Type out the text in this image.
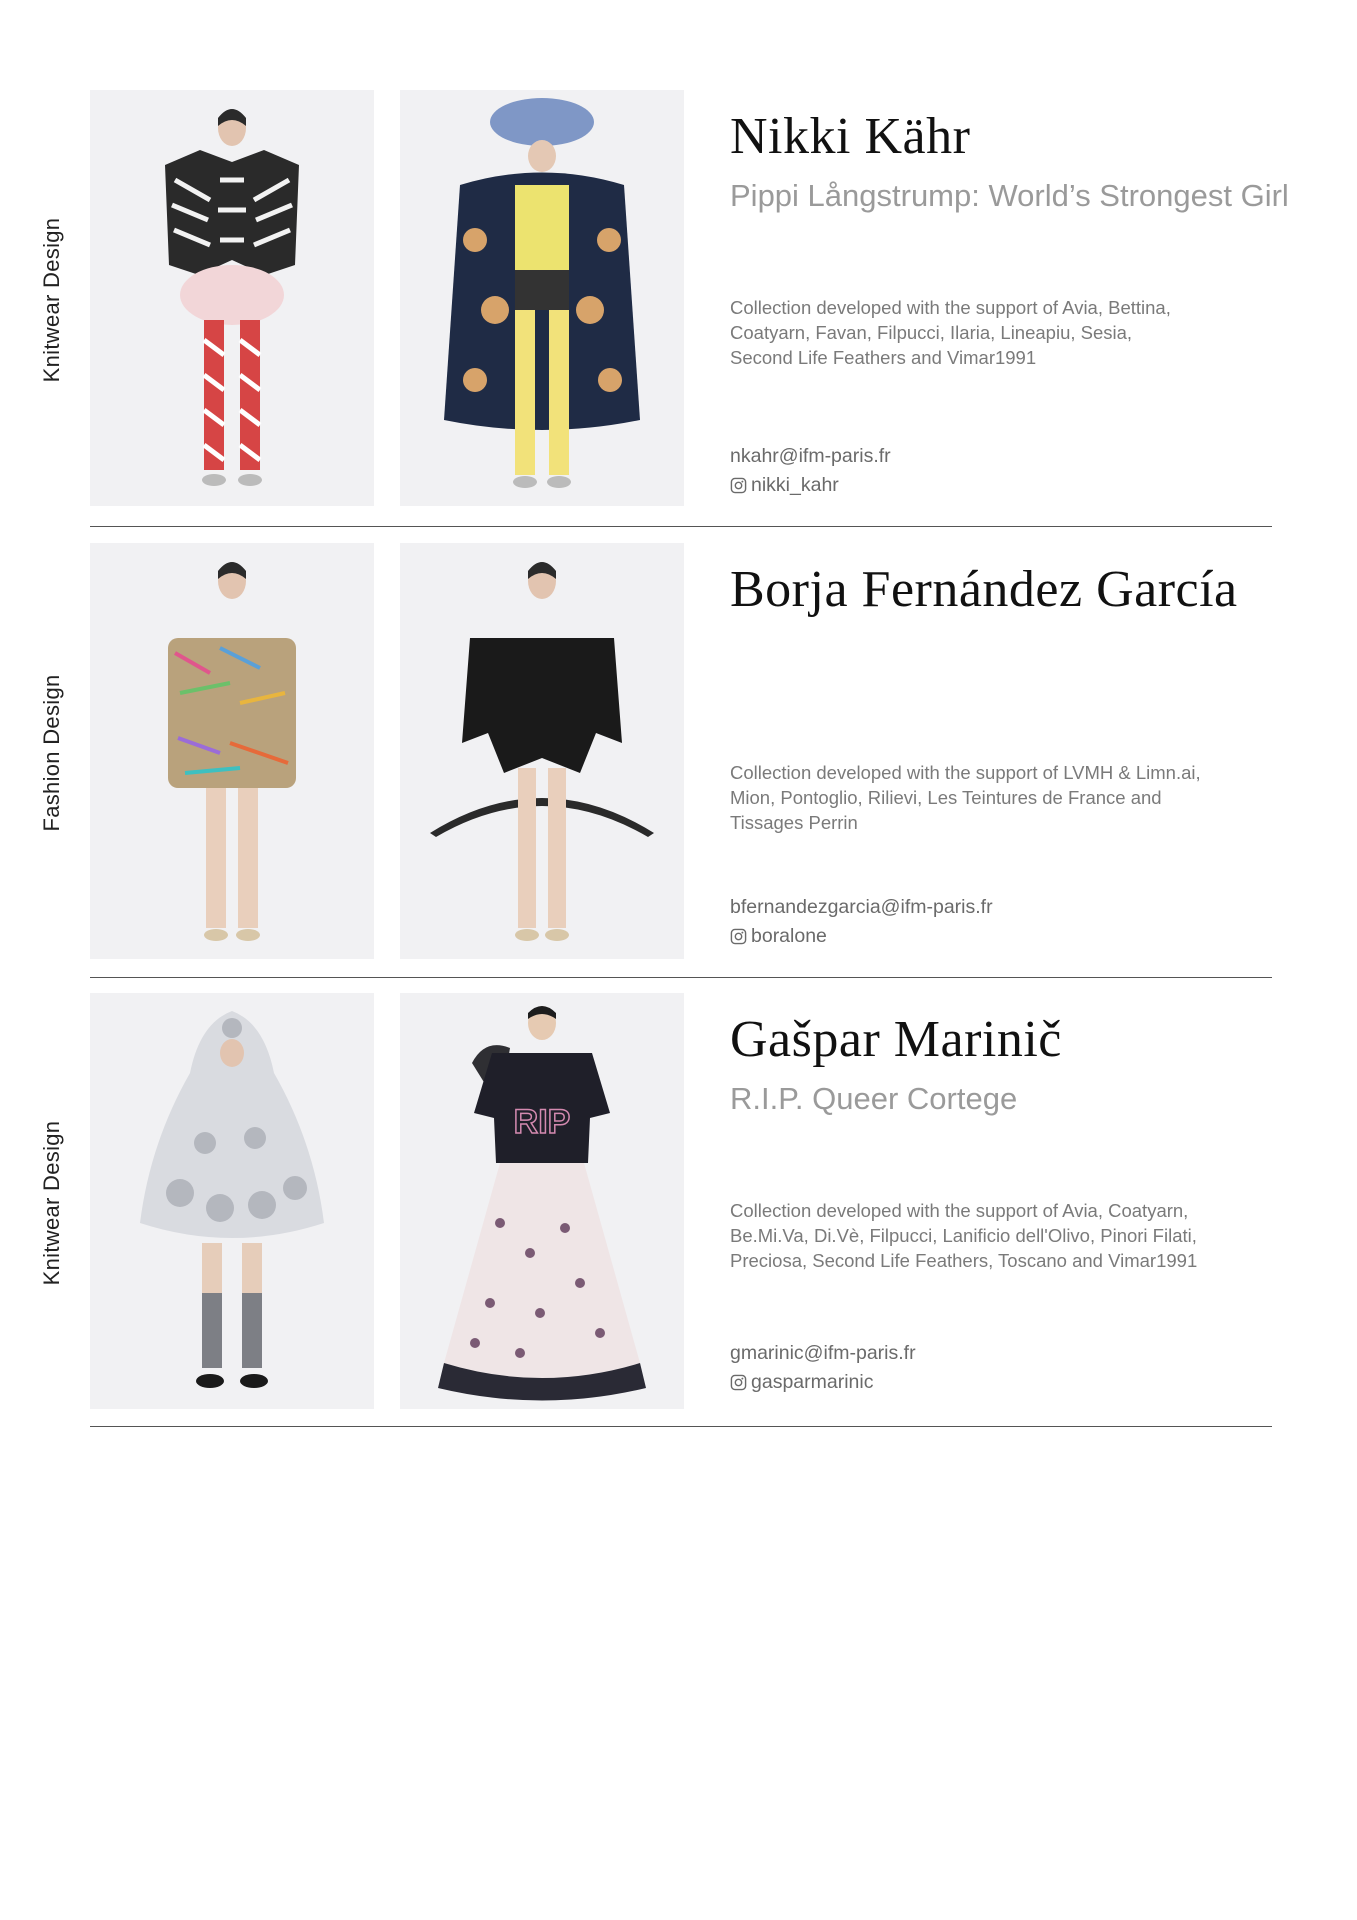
Knitwear Design
Nikki Kähr
Pippi Långstrump: World’s Strongest Girl
Collection developed with the support of Avia, Bettina,
Coatyarn, Favan, Filpucci, Ilaria, Lineapiu, Sesia,
Second Life Feathers and Vimar1991
nkahr@ifm-paris.fr
nikki_kahr
Fashion Design
Borja Fernández García
Collection developed with the support of LVMH & Limn.ai,
Mion, Pontoglio, Rilievi, Les Teintures de France and
Tissages Perrin
bfernandezgarcia@ifm-paris.fr
boralone
Knitwear Design	RIP
Gašpar Marinič
R.I.P. Queer Cortege
Collection developed with the support of Avia, Coatyarn,
Be.Mi.Va, Di.Vè, Filpucci, Lanificio dell'Olivo, Pinori Filati,
Preciosa, Second Life Feathers, Toscano and Vimar1991
gmarinic@ifm-paris.fr
gasparmarinic
